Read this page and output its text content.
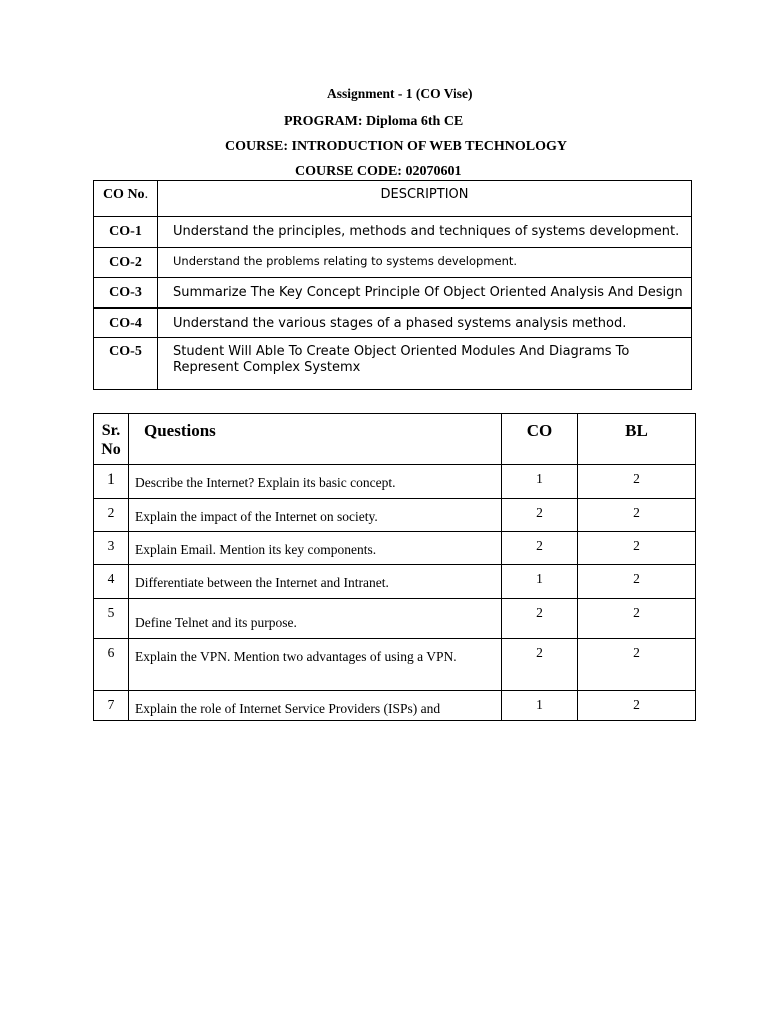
Assignment - 1 (CO Vise)
PROGRAM: Diploma 6th CE
COURSE: INTRODUCTION OF WEB TECHNOLOGY
COURSE CODE: 02070601
CO No.	DESCRIPTION
CO-1	Understand the principles, methods and techniques of systems development.
CO-2	Understand the problems relating to systems development.
CO-3	Summarize The Key Concept Principle Of Object Oriented Analysis And Design
CO-4	Understand the various stages of a phased systems analysis method.
CO-5	Student Will Able To Create Object Oriented Modules And Diagrams To Represent Complex Systemx
Sr. No	Questions	CO	BL
1	Describe the Internet? Explain its basic concept.	1	2
2	Explain the impact of the Internet on society.	2	2
3	Explain Email. Mention its key components.	2	2
4	Differentiate between the Internet and Intranet.	1	2
5	Define Telnet and its purpose.	2	2
6	Explain the VPN. Mention two advantages of using a VPN.	2	2
7	Explain the role of Internet Service Providers (ISPs) and	1	2
